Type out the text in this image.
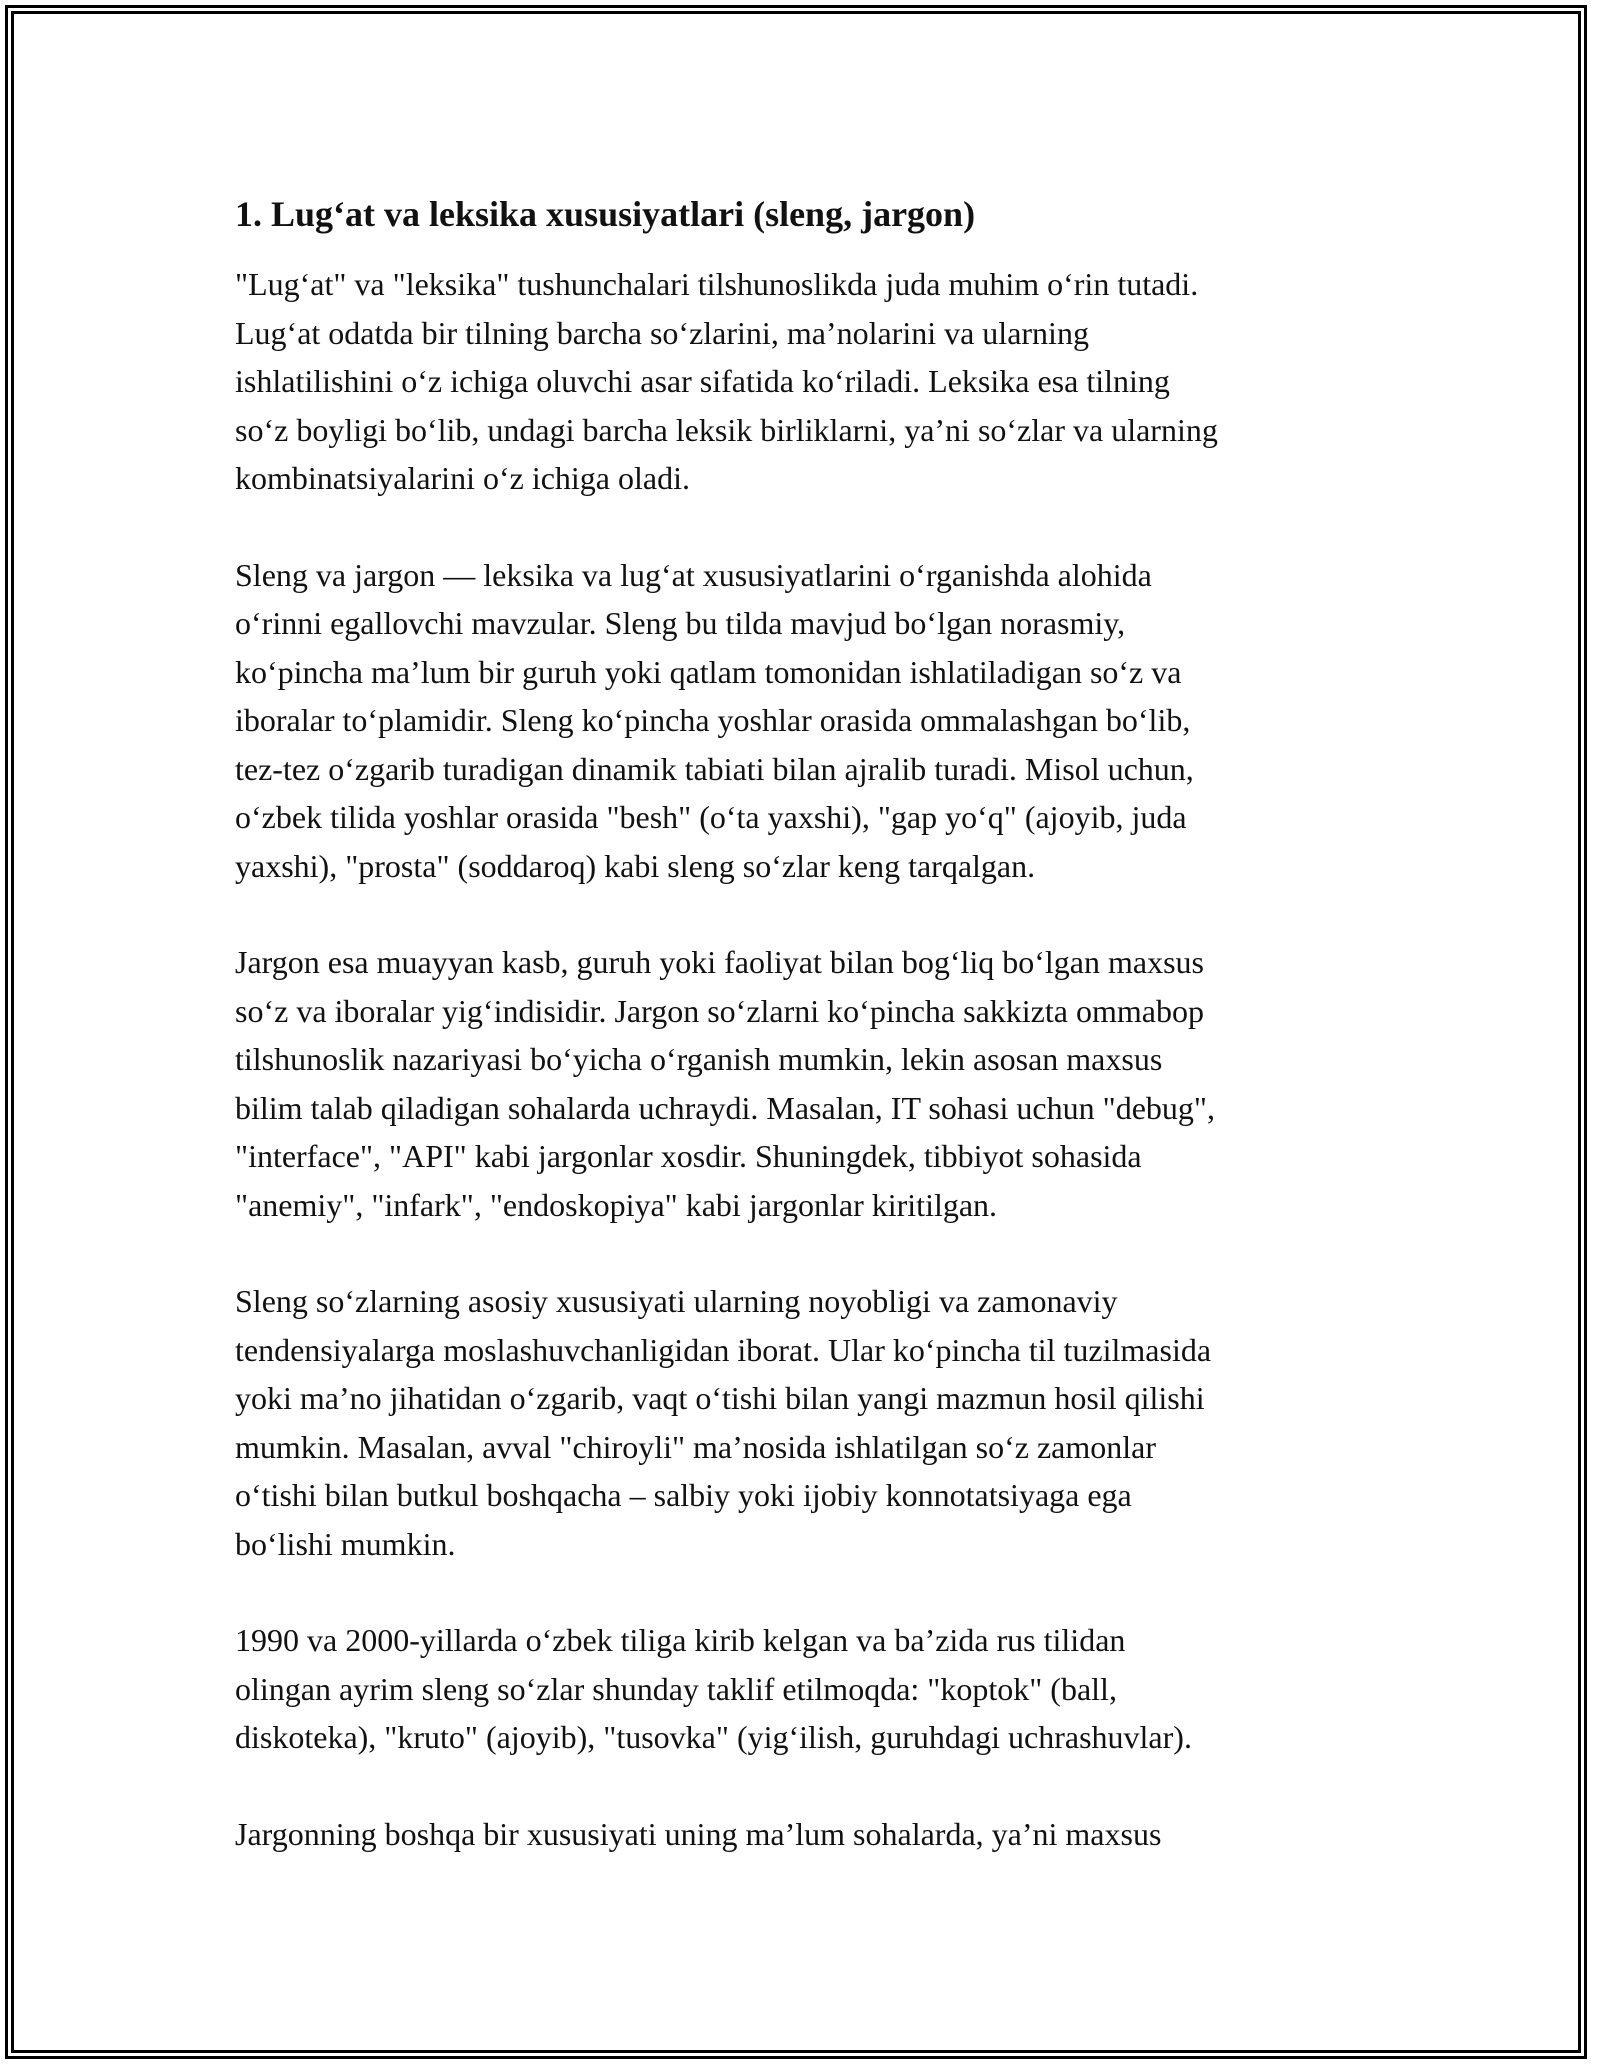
1. Lug‘at va leksika xususiyatlari (sleng, jargon)

"Lug‘at" va "leksika" tushunchalari tilshunoslikda juda muhim o‘rin tutadi.
Lug‘at odatda bir tilning barcha so‘zlarini, ma’nolarini va ularning
ishlatilishini o‘z ichiga oluvchi asar sifatida ko‘riladi. Leksika esa tilning
so‘z boyligi bo‘lib, undagi barcha leksik birliklarni, ya’ni so‘zlar va ularning
kombinatsiyalarini o‘z ichiga oladi.

Sleng va jargon — leksika va lug‘at xususiyatlarini o‘rganishda alohida
o‘rinni egallovchi mavzular. Sleng bu tilda mavjud bo‘lgan norasmiy,
ko‘pincha ma’lum bir guruh yoki qatlam tomonidan ishlatiladigan so‘z va
iboralar to‘plamidir. Sleng ko‘pincha yoshlar orasida ommalashgan bo‘lib,
tez-tez o‘zgarib turadigan dinamik tabiati bilan ajralib turadi. Misol uchun,
o‘zbek tilida yoshlar orasida "besh" (o‘ta yaxshi), "gap yo‘q" (ajoyib, juda
yaxshi), "prosta" (soddaroq) kabi sleng so‘zlar keng tarqalgan.

Jargon esa muayyan kasb, guruh yoki faoliyat bilan bog‘liq bo‘lgan maxsus
so‘z va iboralar yig‘indisidir. Jargon so‘zlarni ko‘pincha sakkizta ommabop
tilshunoslik nazariyasi bo‘yicha o‘rganish mumkin, lekin asosan maxsus
bilim talab qiladigan sohalarda uchraydi. Masalan, IT sohasi uchun "debug",
"interface", "API" kabi jargonlar xosdir. Shuningdek, tibbiyot sohasida
"anemiy", "infark", "endoskopiya" kabi jargonlar kiritilgan.

Sleng so‘zlarning asosiy xususiyati ularning noyobligi va zamonaviy
tendensiyalarga moslashuvchanligidan iborat. Ular ko‘pincha til tuzilmasida
yoki ma’no jihatidan o‘zgarib, vaqt o‘tishi bilan yangi mazmun hosil qilishi
mumkin. Masalan, avval "chiroyli" ma’nosida ishlatilgan so‘z zamonlar
o‘tishi bilan butkul boshqacha – salbiy yoki ijobiy konnotatsiyaga ega
bo‘lishi mumkin.

1990 va 2000-yillarda o‘zbek tiliga kirib kelgan va ba’zida rus tilidan
olingan ayrim sleng so‘zlar shunday taklif etilmoqda: "koptok" (ball,
diskoteka), "kruto" (ajoyib), "tusovka" (yig‘ilish, guruhdagi uchrashuvlar).

Jargonning boshqa bir xususiyati uning ma’lum sohalarda, ya’ni maxsus
